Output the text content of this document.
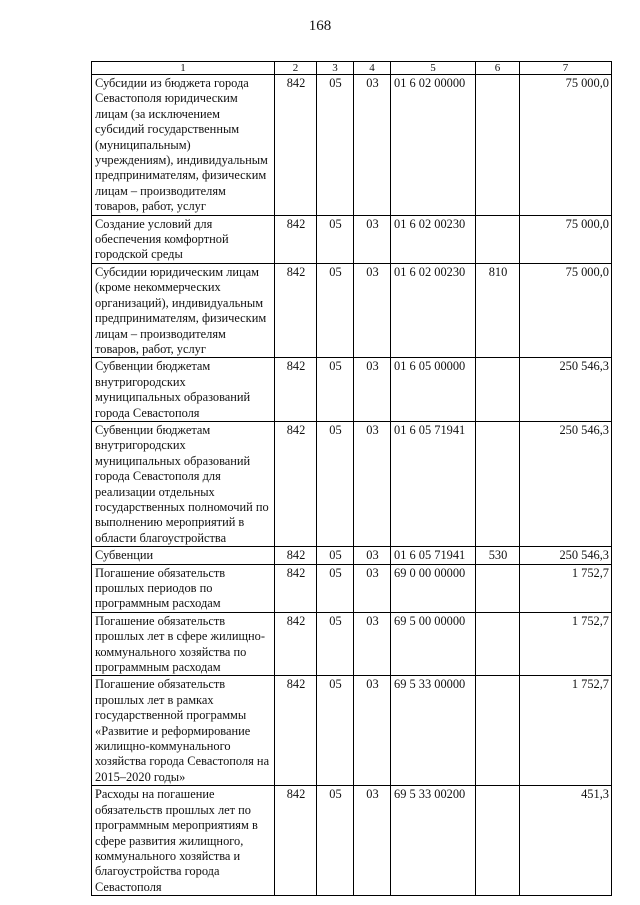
168
1	2	3	4	5	6	7
Субсидии из бюджета города Севастополя юридическим лицам (за исключением субсидий государственным (муниципальным) учреждениям), индивидуальным предпринимателям, физическим лицам – производителям товаров, работ, услуг	842	05	03	01 6 02 00000		75 000,0
Создание условий для обеспечения комфортной городской среды	842	05	03	01 6 02 00230		75 000,0
Субсидии юридическим лицам (кроме некоммерческих организаций), индивидуальным предпринимателям, физическим лицам – производителям товаров, работ, услуг	842	05	03	01 6 02 00230	810	75 000,0
Субвенции бюджетам внутригородских муниципальных образований города Севастополя	842	05	03	01 6 05 00000		250 546,3
Субвенции бюджетам внутригородских муниципальных образований города Севастополя для реализации отдельных государственных полномочий по выполнению мероприятий в области благоустройства	842	05	03	01 6 05 71941		250 546,3
Субвенции	842	05	03	01 6 05 71941	530	250 546,3
Погашение обязательств прошлых периодов по программным расходам	842	05	03	69 0 00 00000		1 752,7
Погашение обязательств прошлых лет в сфере жилищно-коммунального хозяйства по программным расходам	842	05	03	69 5 00 00000		1 752,7
Погашение обязательств прошлых лет в рамках государственной программы «Развитие и реформирование жилищно-коммунального хозяйства города Севастополя на 2015–2020 годы»	842	05	03	69 5 33 00000		1 752,7
Расходы на погашение обязательств прошлых лет по программным мероприятиям в сфере развития жилищного, коммунального хозяйства и благоустройства города Севастополя	842	05	03	69 5 33 00200		451,3
